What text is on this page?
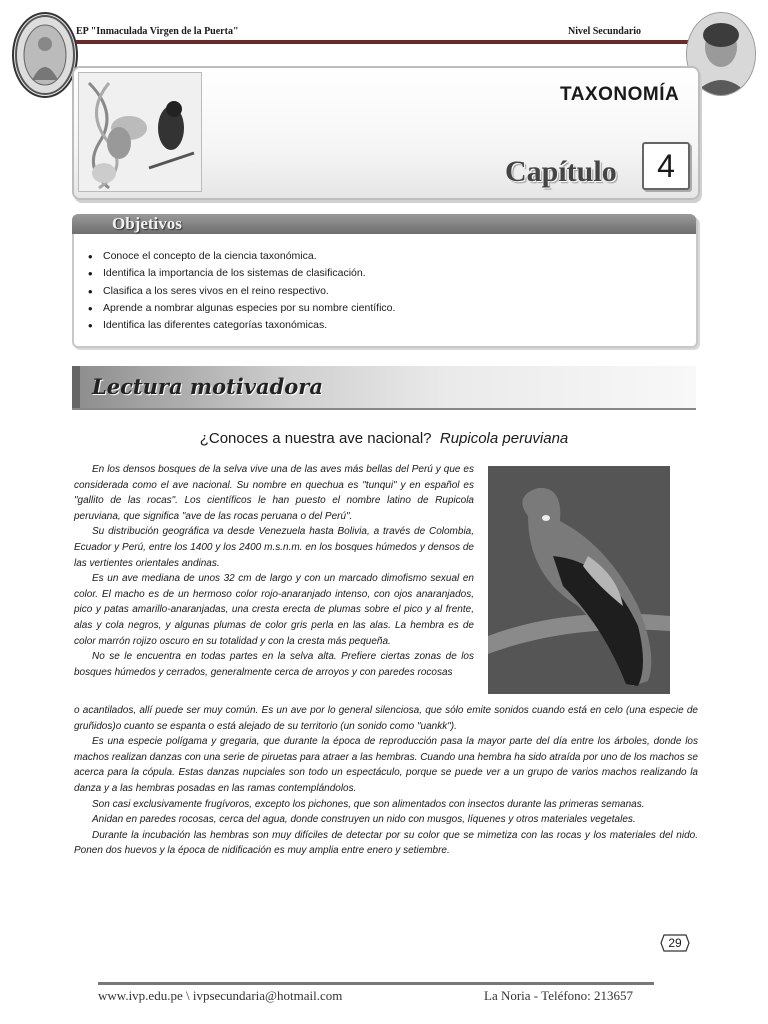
EP "Inmaculada Virgen de la Puerta"	Nivel Secundario
TAXONOMÍA
Capítulo	4
Objetivos
• Conoce el concepto de la ciencia taxonómica.
• Identifica la importancia de los sistemas de clasificación.
• Clasifica a los seres vivos en el reino respectivo.
• Aprende a nombrar algunas especies por su nombre científico.
• Identifica las diferentes categorías taxonómicas.
Lectura motivadora
¿Conoces a nuestra ave nacional? Rupicola peruviana

En los densos bosques de la selva vive una de las aves más bellas del Perú y que es considerada como el ave nacional. Su nombre en quechua es "tunqui" y en español es "gallito de las rocas". Los científicos le han puesto el nombre latino de Rupicola peruviana, que significa "ave de las rocas peruana o del Perú".

Su distribución geográfica va desde Venezuela hasta Bolivia, a través de Colombia, Ecuador y Perú, entre los 1400 y los 2400 m.s.n.m. en los bosques húmedos y densos de las vertientes orientales andinas.

Es un ave mediana de unos 32 cm de largo y con un marcado dimofismo sexual en color. El macho es de un hermoso color rojo-anaranjado intenso, con ojos anaranjados, pico y patas amarillo-anaranjadas, una cresta erecta de plumas sobre el pico y al frente, alas y cola negros, y algunas plumas de color gris perla en las alas. La hembra es de color marrón rojizo oscuro en su totalidad y con la cresta más pequeña.

No se le encuentra en todas partes en la selva alta. Prefiere ciertas zonas de los bosques húmedos y cerrados, generalmente cerca de arroyos y con paredes rocosas

o acantilados, allí puede ser muy común. Es un ave por lo general silenciosa, que sólo emite sonidos cuando está en celo (una especie de gruñidos)o cuanto se espanta o está alejado de su territorio (un sonido como "uankk").

Es una especie polígama y gregaria, que durante la época de reproducción pasa la mayor parte del día entre los árboles, donde los machos realizan danzas con una serie de piruetas para atraer a las hembras. Cuando una hembra ha sido atraída por uno de los machos se acerca para la cópula. Estas danzas nupciales son todo un espectáculo, porque se puede ver a un grupo de varios machos realizando la danza y a las hembras posadas en las ramas contemplándolos.

Son casi exclusivamente frugívoros, excepto los pichones, que son alimentados con insectos durante las primeras semanas.

Anidan en paredes rocosas, cerca del agua, donde construyen un nido con musgos, líquenes y otros materiales vegetales.

Durante la incubación las hembras son muy difíciles de detectar por su color que se mimetiza con las rocas y los materiales del nido. Ponen dos huevos y la época de nidificación es muy amplia entre enero y setiembre.

29
www.ivp.edu.pe \ ivpsecundaria@hotmail.com	La Noria - Teléfono: 213657
